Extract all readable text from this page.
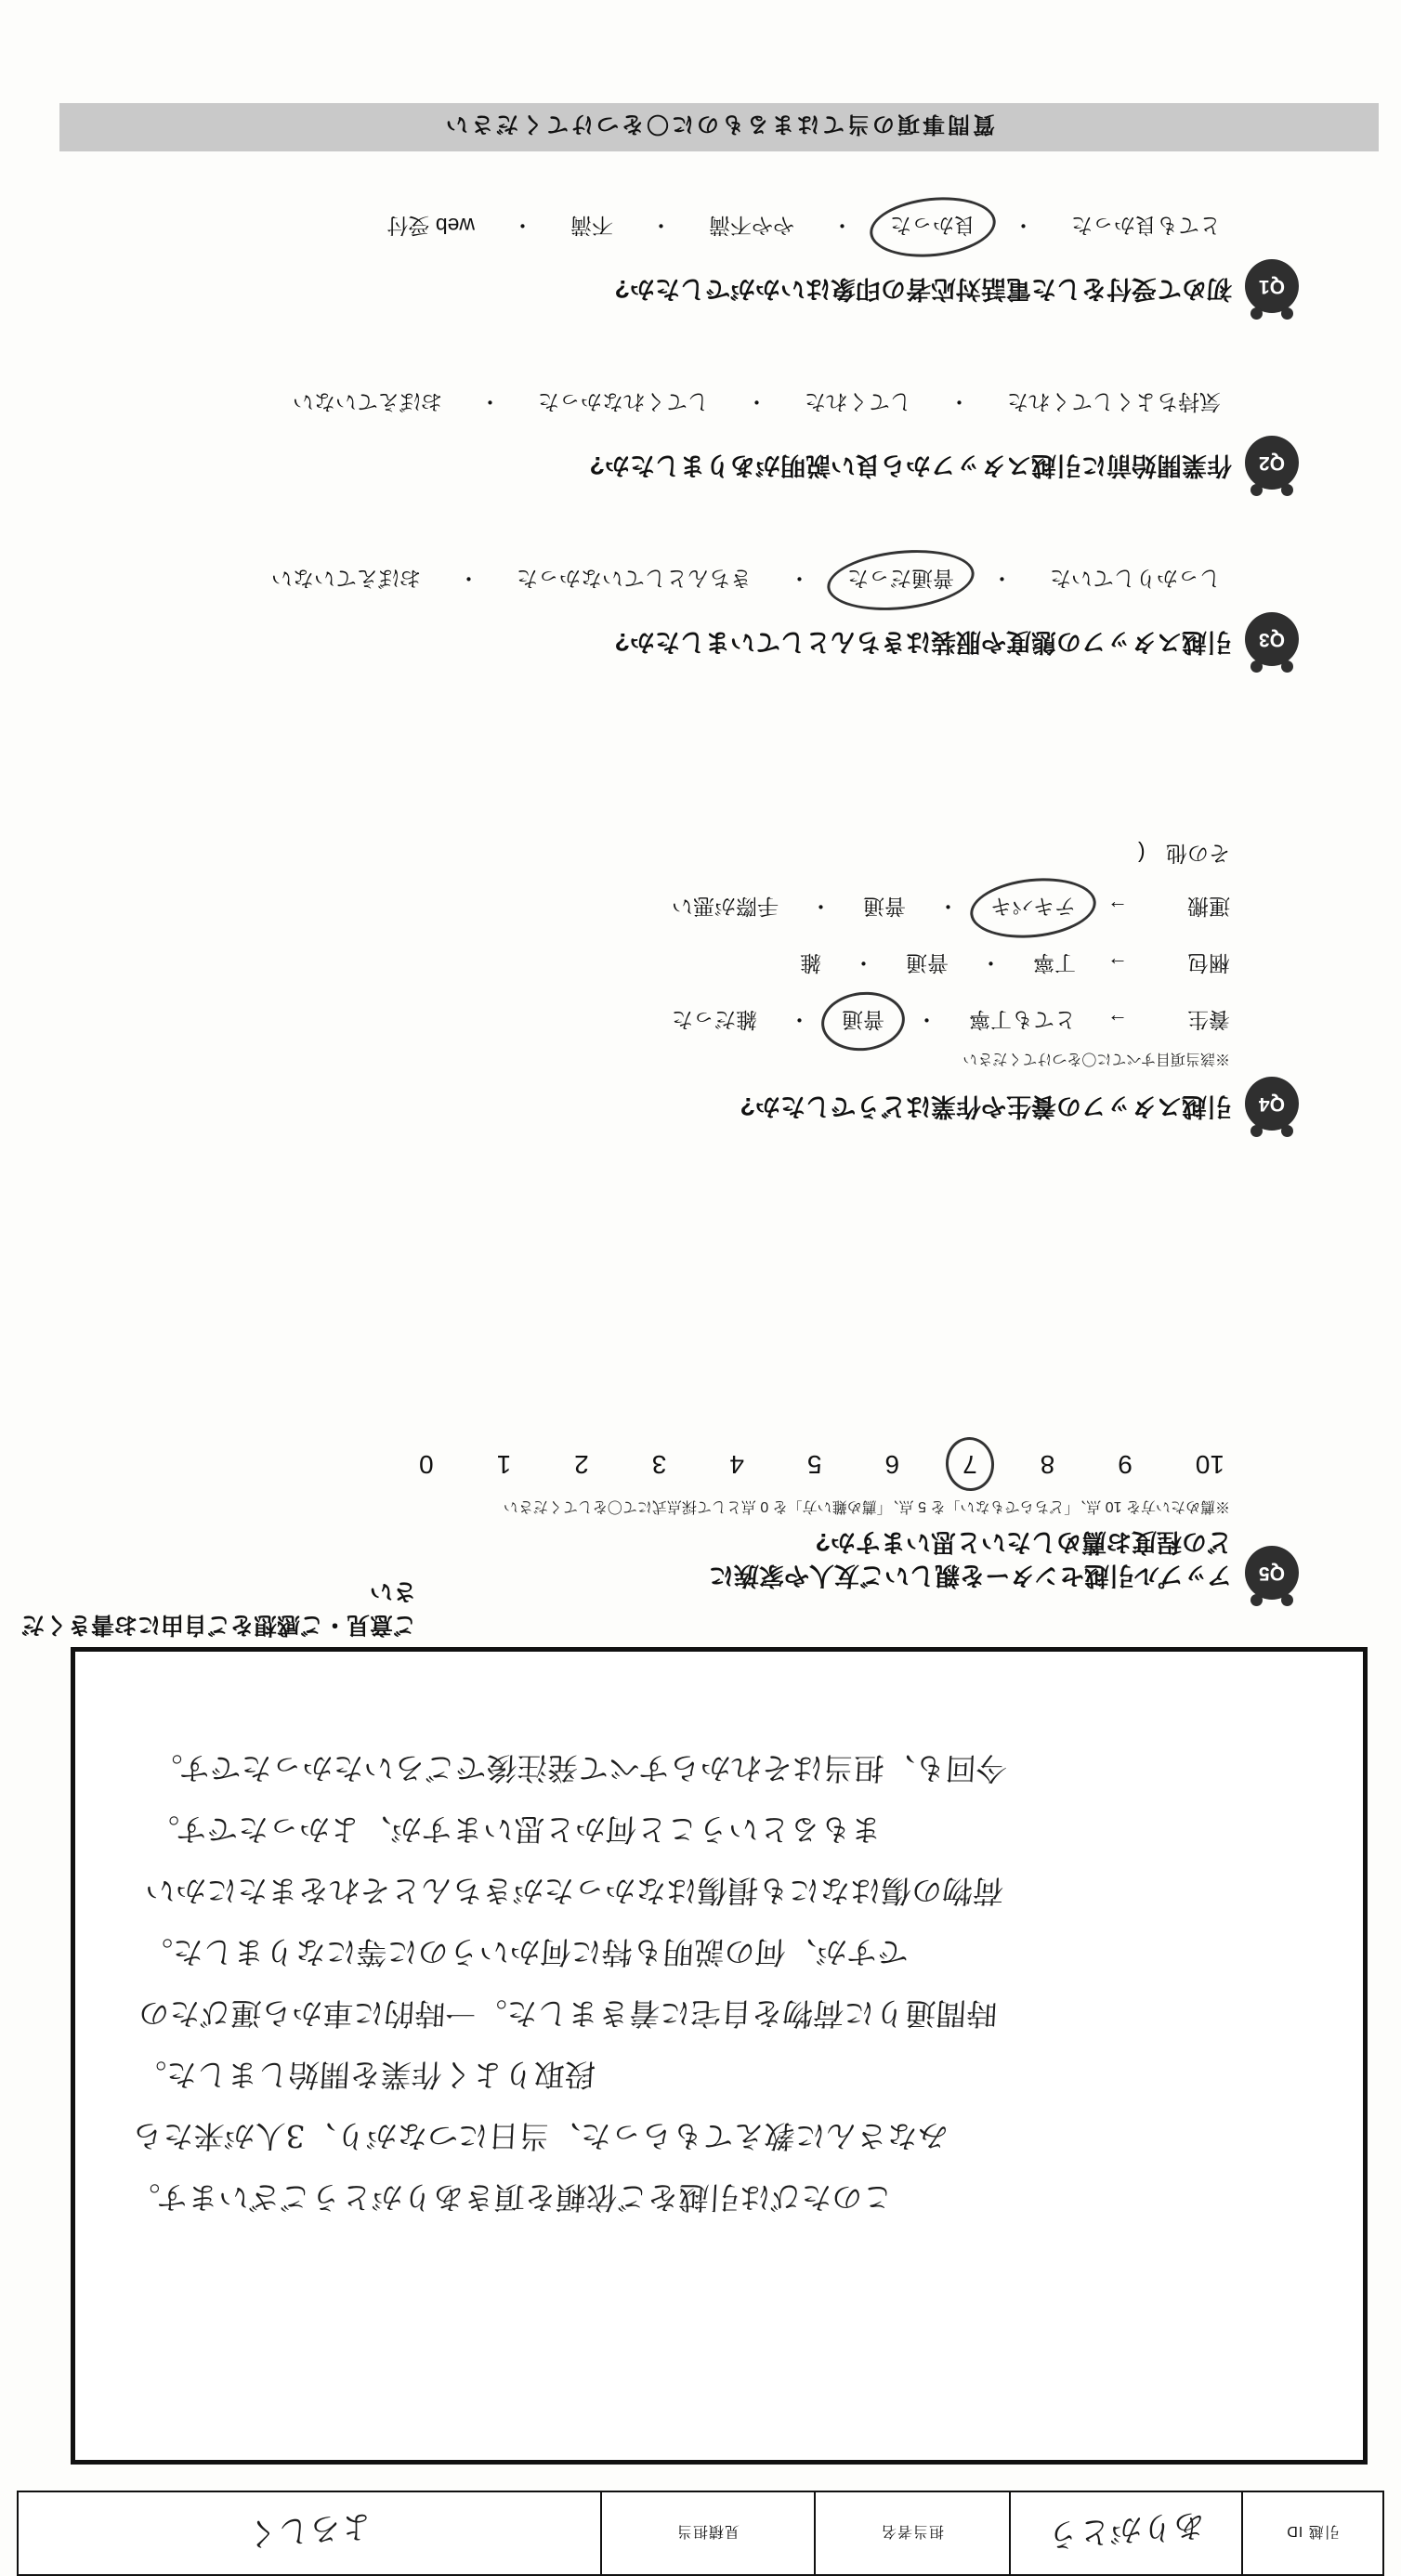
引越 ID
ありがとう
担当者名
見積担当
よろしく
このたびは引越をご依頼を頂きありがとうございます。
みなさんに教えてもらった、当日につながり、3人が来たら
段取りよく作業を開始しました。
時間通りに荷物を自宅に着きました。一時的に車から運びたの
ですが、何の説明も特に何かいうのに等になりました。
荷物の傷はなにも損傷はなかったがきちんとそれをまたにかい
まもるということ何かと思いますが、よかったです。
今回も、担当はそれからすべて発注後でごろいたかったです。
ご意見・ご感想をご自由にお書きください
Q5
アップル引越センターを親しいご友人や家族に
どの程度お薦めしたいと思いますか?
※薦めたい方を 10 点、「どちらでもない」を 5 点、「薦め難い方」を 0 点として採点式にて〇をしてください
10
9
8
7
6
5
4
3
2
1
0
Q4
引越スタッフの養生や作業はどうでしたか?
※該当項目すべてに〇をつけてください
養生
→
とても丁寧
・
普通
・
雑だった
梱包
→
丁寧
・
普通
・
雑
運搬
→
テキパキ
・
普通
・
手際が悪い
その他 (
Q3
引越スタッフの態度や服装はきちんとしていましたか?
しっかりしていた
・
普通だった
・
きちんとしていなかった
・
おぼえていない
Q2
作業開始前に引越スタッフから良い説明がありましたか?
気持ちよくしてくれた
・
してくれた
・
してくれなかった
・
おぼえていない
Q1
初めて受付をした電話対応者の印象はいかがでしたか?
とても良かった
・
良かった
・
やや不満
・
不満
・
web 受付
質問事項の当てはまるものに〇をつけてください
